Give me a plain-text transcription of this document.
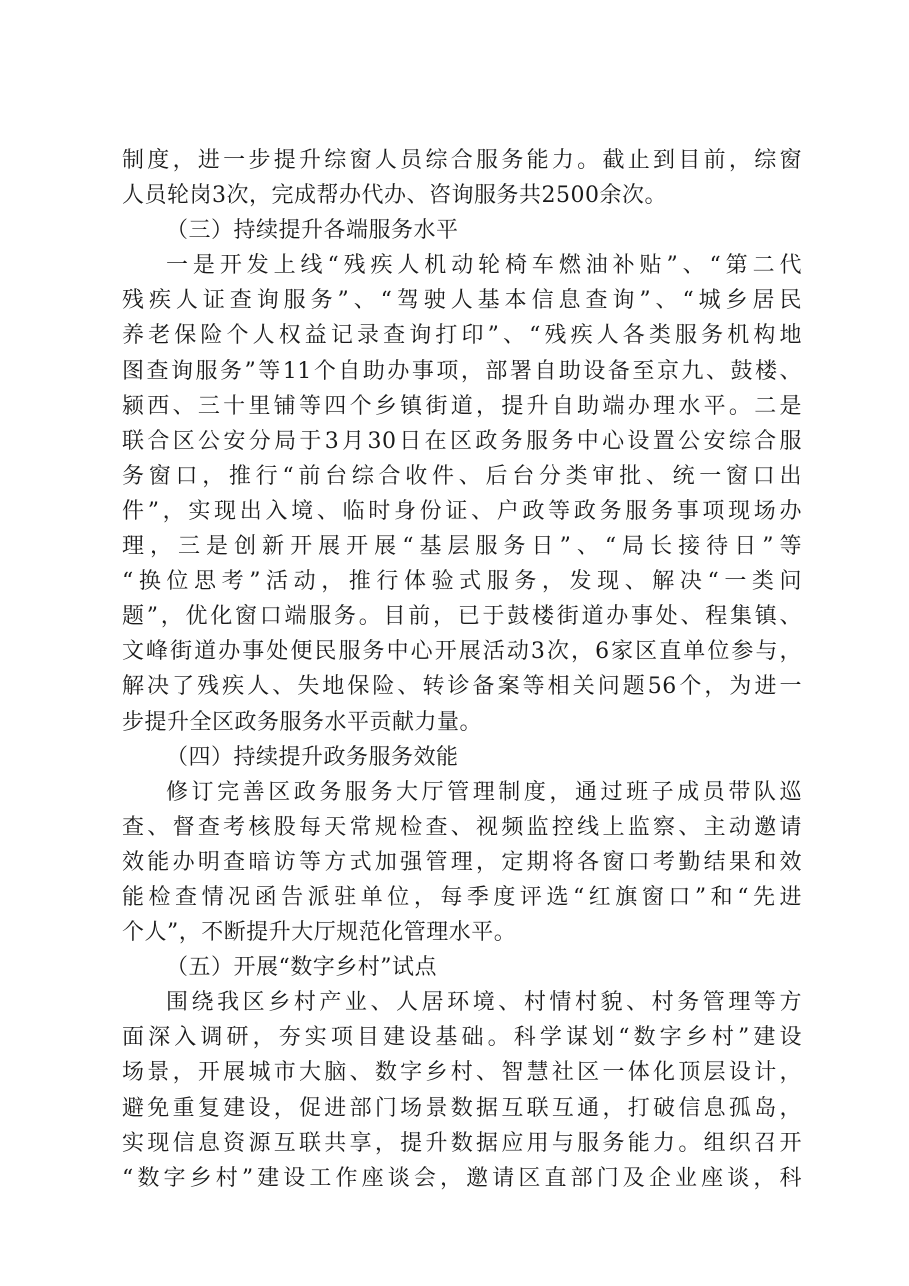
制度，进一步提升综窗人员综合服务能力。截止到目前，综窗
人员轮岗3次，完成帮办代办、咨询服务共2500余次。
（三）持续提升各端服务水平
一是开发上线“残疾人机动轮椅车燃油补贴”、“第二代
残疾人证查询服务”、“驾驶人基本信息查询”、“城乡居民
养老保险个人权益记录查询打印”、“残疾人各类服务机构地
图查询服务”等11个自助办事项，部署自助设备至京九、鼓楼、
颍西、三十里铺等四个乡镇街道，提升自助端办理水平。二是
联合区公安分局于3月30日在区政务服务中心设置公安综合服
务窗口，推行“前台综合收件、后台分类审批、统一窗口出
件”，实现出入境、临时身份证、户政等政务服务事项现场办
理，三是创新开展开展“基层服务日”、“局长接待日”等
“换位思考”活动，推行体验式服务，发现、解决“一类问
题”，优化窗口端服务。目前，已于鼓楼街道办事处、程集镇、
文峰街道办事处便民服务中心开展活动3次，6家区直单位参与，
解决了残疾人、失地保险、转诊备案等相关问题56个，为进一
步提升全区政务服务水平贡献力量。
（四）持续提升政务服务效能
修订完善区政务服务大厅管理制度，通过班子成员带队巡
查、督查考核股每天常规检查、视频监控线上监察、主动邀请
效能办明查暗访等方式加强管理，定期将各窗口考勤结果和效
能检查情况函告派驻单位，每季度评选“红旗窗口”和“先进
个人”，不断提升大厅规范化管理水平。
（五）开展“数字乡村”试点
围绕我区乡村产业、人居环境、村情村貌、村务管理等方
面深入调研，夯实项目建设基础。科学谋划“数字乡村”建设
场景，开展城市大脑、数字乡村、智慧社区一体化顶层设计，
避免重复建设，促进部门场景数据互联互通，打破信息孤岛，
实现信息资源互联共享，提升数据应用与服务能力。组织召开
“数字乡村”建设工作座谈会，邀请区直部门及企业座谈，科
